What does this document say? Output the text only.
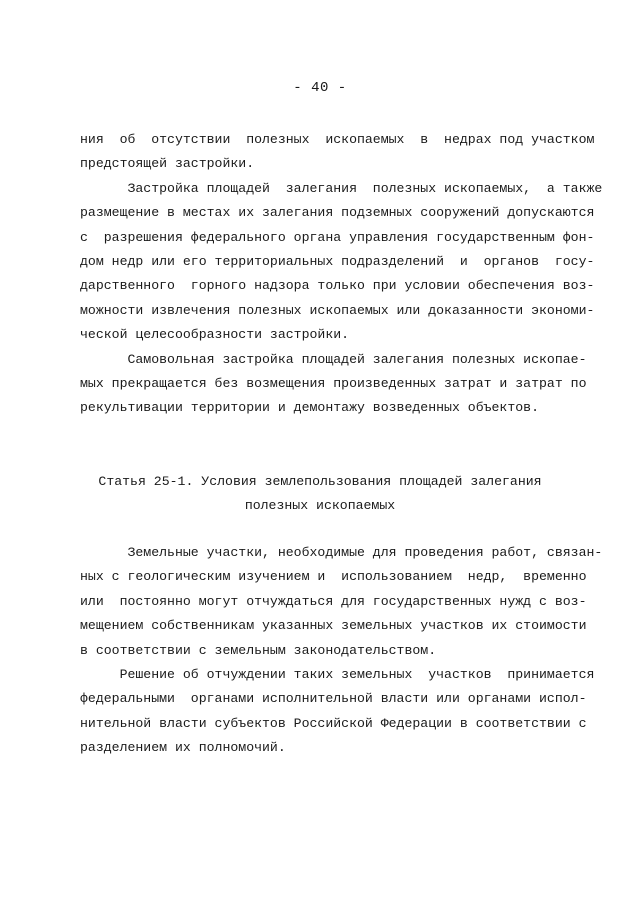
- 40 -
ния  об  отсутствии  полезных  ископаемых  в  недрах под участком
предстоящей застройки.
Застройка площадей  залегания  полезных ископаемых,  а также
размещение в местах их залегания подземных сооружений допускаются
с  разрешения федерального органа управления государственным фон-
дом недр или его территориальных подразделений  и  органов  госу-
дарственного  горного надзора только при условии обеспечения воз-
можности извлечения полезных ископаемых или доказанности экономи-
ческой целесообразности застройки.
Самовольная застройка площадей залегания полезных ископае-
мых прекращается без возмещения произведенных затрат и затрат по
рекультивации территории и демонтажу возведенных объектов.
Статья 25-1. Условия землепользования площадей залегания
полезных ископаемых
Земельные участки, необходимые для проведения работ, связан-
ных с геологическим изучением и  использованием  недр,  временно
или  постоянно могут отчуждаться для государственных нужд с воз-
мещением собственникам указанных земельных участков их стоимости
в соответствии с земельным законодательством.
Решение об отчуждении таких земельных  участков  принимается
федеральными  органами исполнительной власти или органами испол-
нительной власти субъектов Российской Федерации в соответствии с
разделением их полномочий.
